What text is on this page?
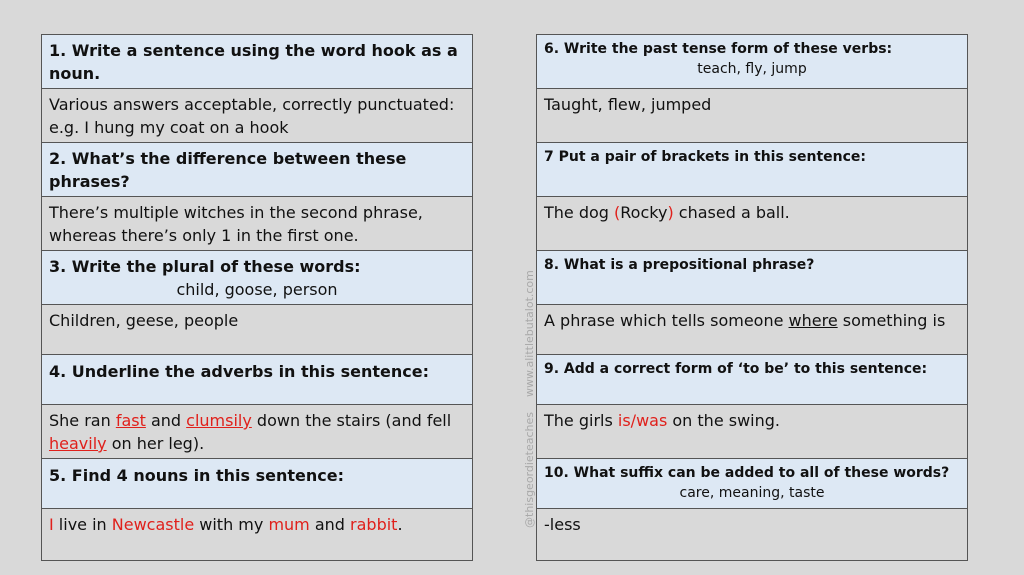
1. Write a sentence using the word hook as a noun.
Various answers acceptable, correctly punctuated:
e.g. I hung my coat on a hook
2. What’s the difference between these phrases?
There’s multiple witches in the second phrase,
whereas there’s only 1 in the first one.
3. Write the plural of these words:
child, goose, person
Children, geese, people
4. Underline the adverbs in this sentence:
She ran fast and clumsily down the stairs (and fell heavily on her leg).
5. Find 4 nouns in this sentence:
I live in Newcastle with my mum and rabbit.
www.alittlebutalot.com
@thisgeordieteaches
6. Write the past tense form of these verbs:
teach, fly, jump
Taught, flew, jumped
7 Put a pair of brackets in this sentence:
The dog (Rocky) chased a ball.
8. What is a prepositional phrase?
A phrase which tells someone where something is
9. Add a correct form of ‘to be’ to this sentence:
The girls is/was on the swing.
10. What suffix can be added to all of these words?
care, meaning, taste
-less
